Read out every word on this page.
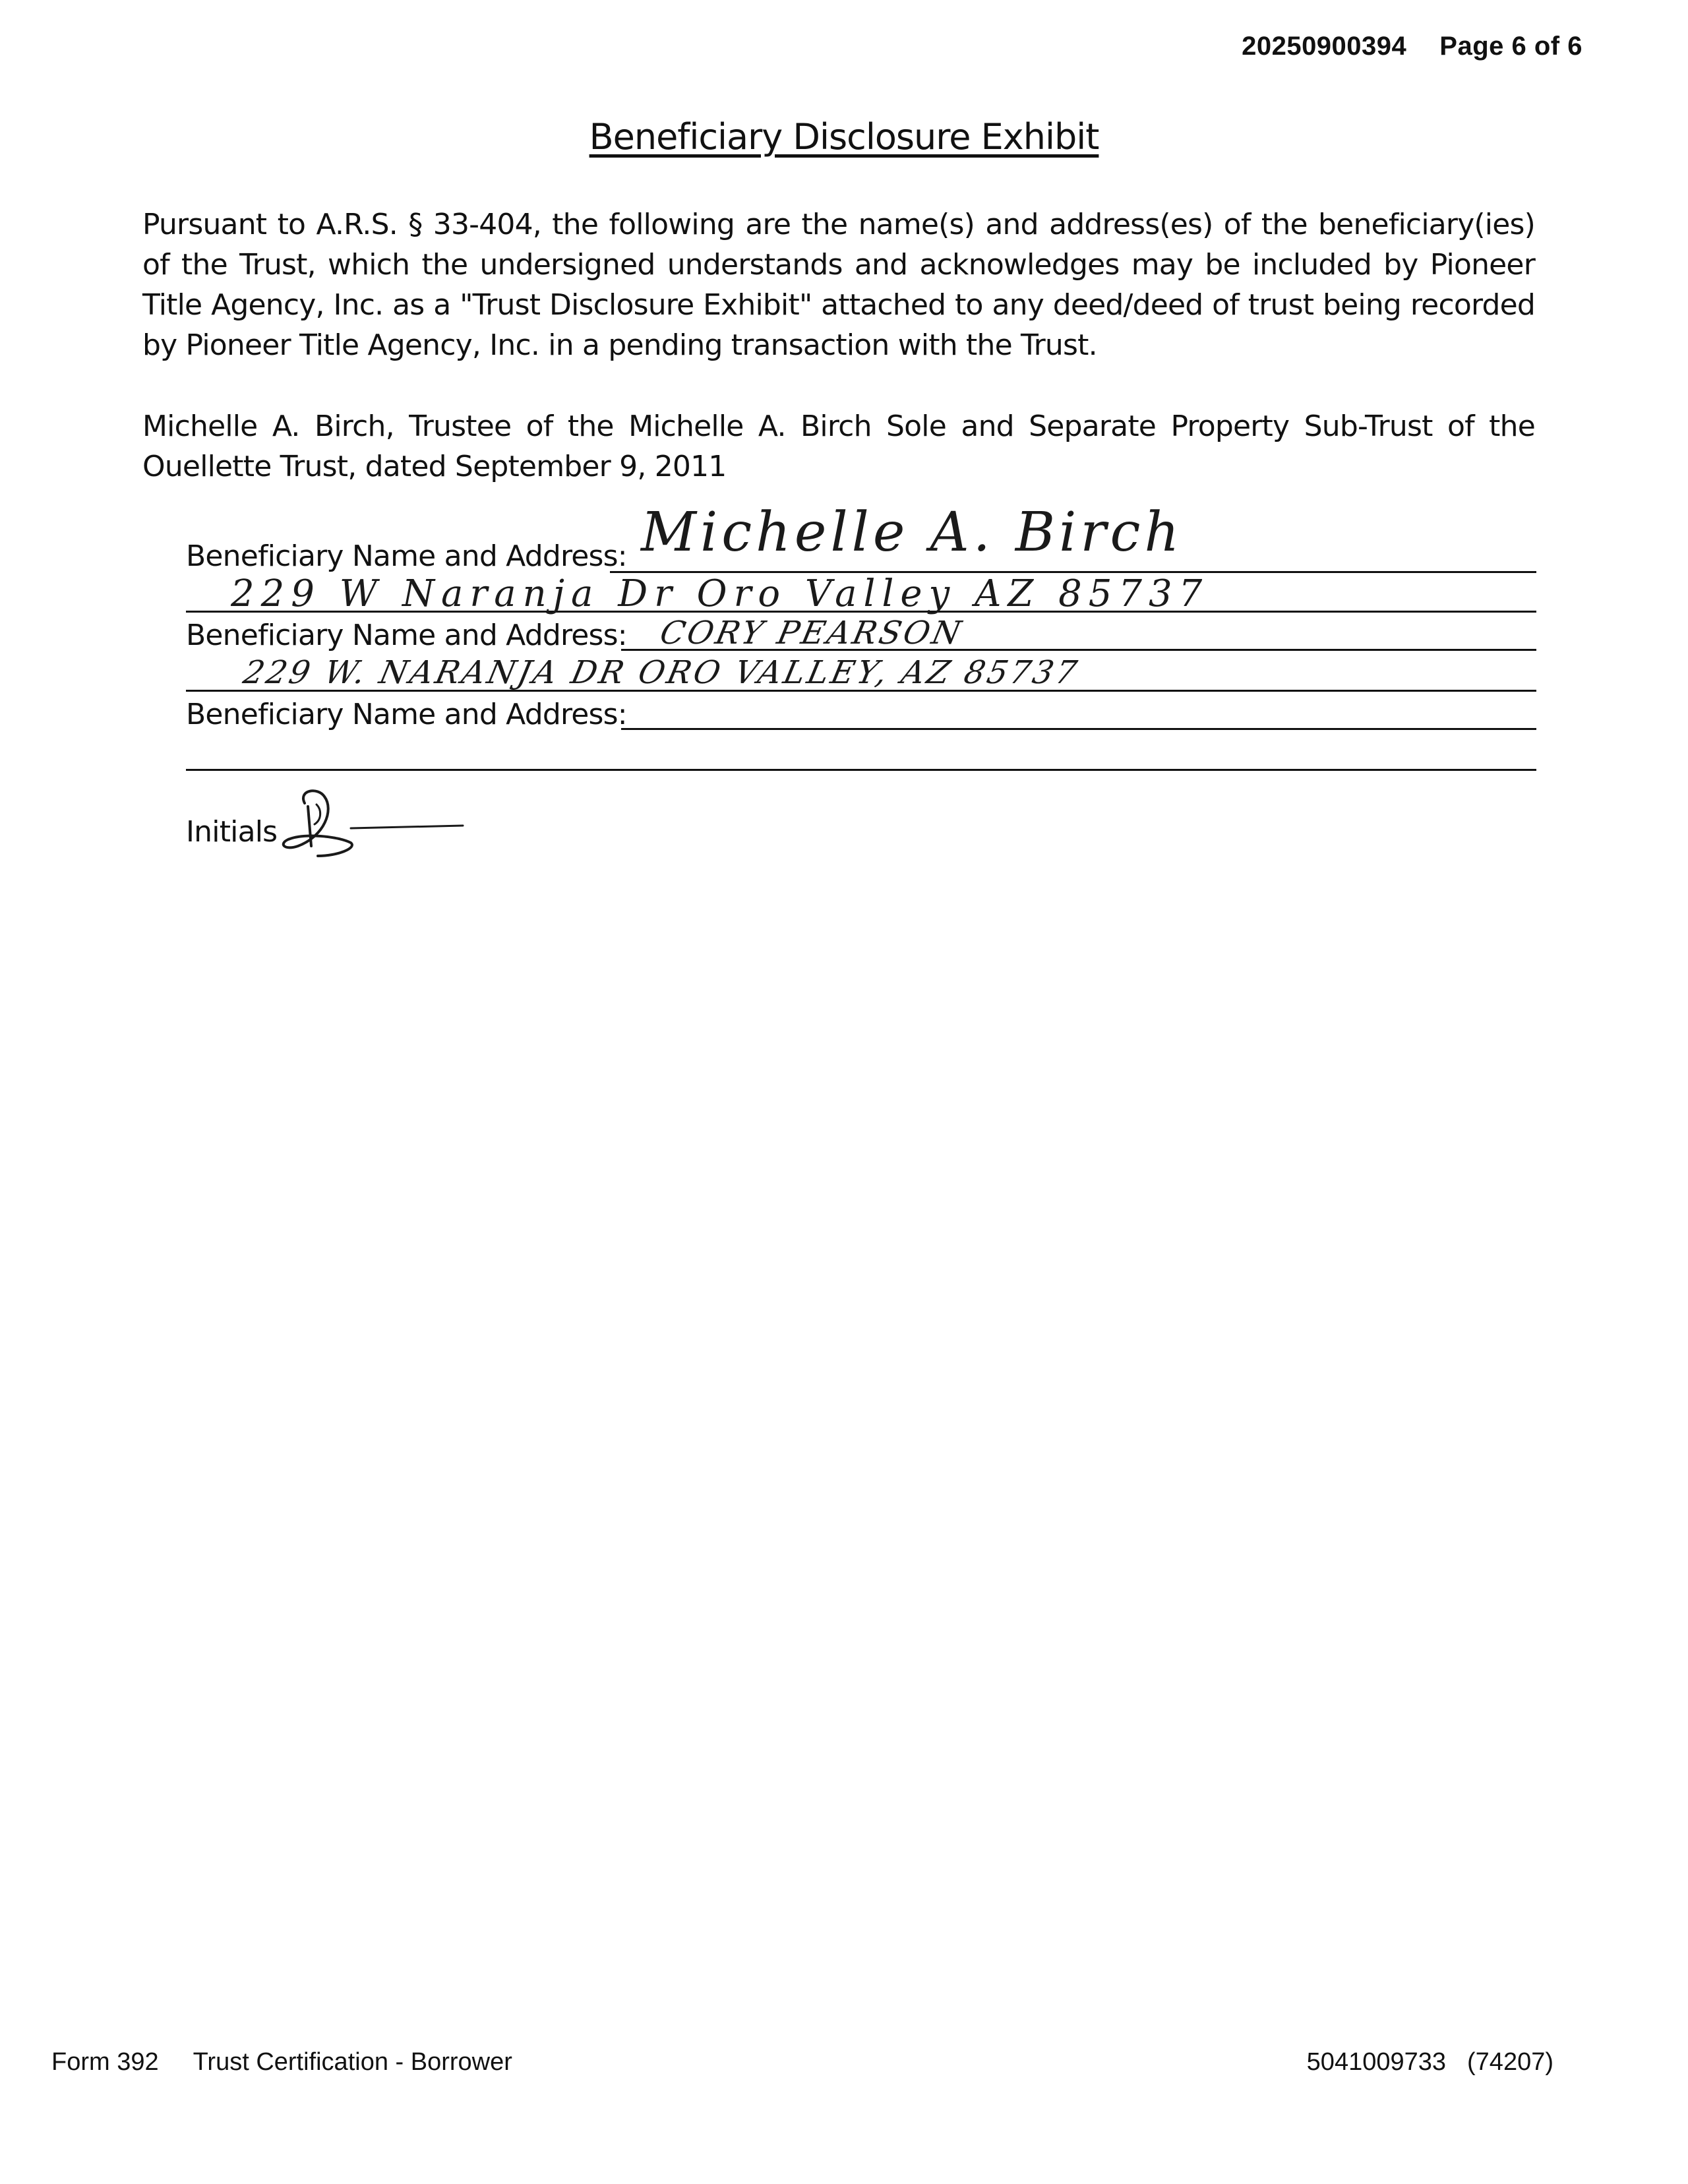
20250900394 Page 6 of 6
Beneficiary Disclosure Exhibit
Pursuant to A.R.S. § 33-404, the following are the name(s) and address(es) of the beneficiary(ies) of the Trust, which the undersigned understands and acknowledges may be included by Pioneer Title Agency, Inc. as a "Trust Disclosure Exhibit" attached to any deed/deed of trust being recorded by Pioneer Title Agency, Inc. in a pending transaction with the Trust.
Michelle A. Birch, Trustee of the Michelle A. Birch Sole and Separate Property Sub-Trust of the Ouellette Trust, dated September 9, 2011
Beneficiary Name and Address: Michelle A. Birch
229 W Naranja Dr Oro Valley AZ 85737
Beneficiary Name and Address: CORY PEARSON
229 W. NARANJA DR ORO VALLEY, AZ 85737
Beneficiary Name and Address:
Initials
Form 392 Trust Certification - Borrower	5041009733 (74207)
